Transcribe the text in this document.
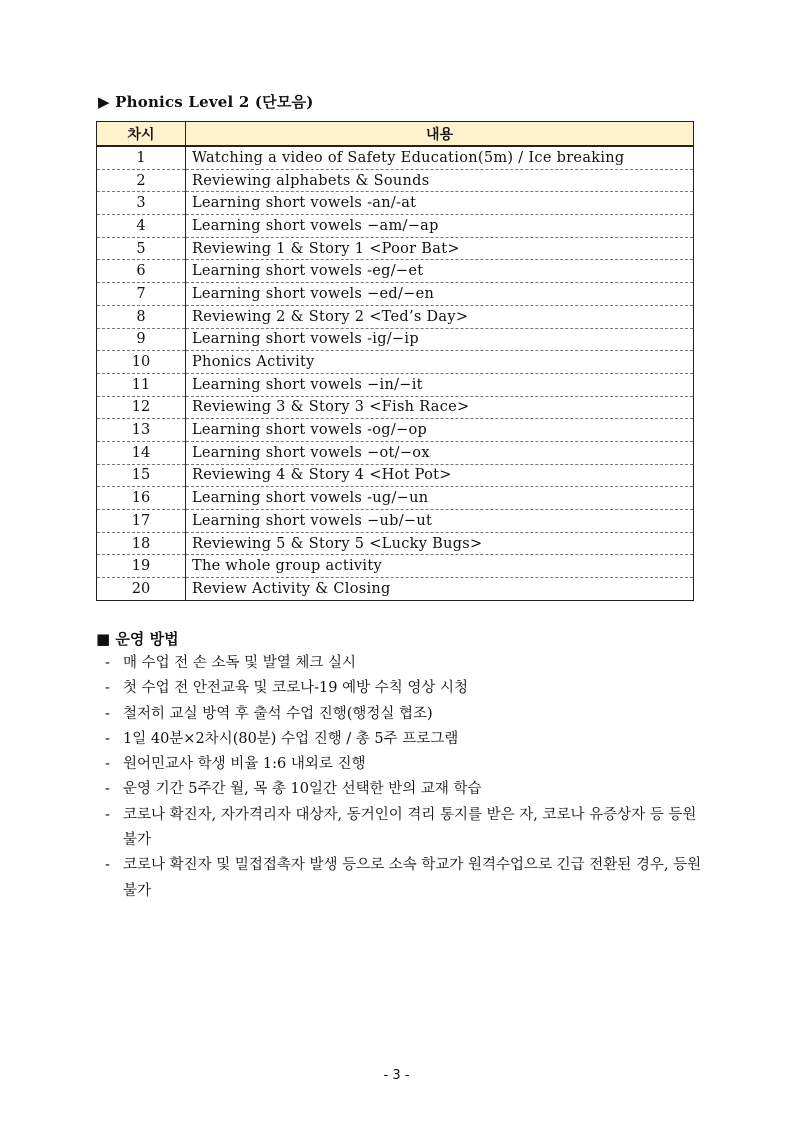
▶ Phonics Level 2 (단모음)
차시	내용
1	Watching a video of Safety Education(5m) / Ice breaking
2	Reviewing alphabets & Sounds
3	Learning short vowels -an/-at
4	Learning short vowels −am/−ap
5	Reviewing 1 & Story 1 <Poor Bat>
6	Learning short vowels -eg/−et
7	Learning short vowels −ed/−en
8	Reviewing 2 & Story 2 <Ted’s Day>
9	Learning short vowels -ig/−ip
10	Phonics Activity
11	Learning short vowels −in/−it
12	Reviewing 3 & Story 3 <Fish Race>
13	Learning short vowels -og/−op
14	Learning short vowels −ot/−ox
15	Reviewing 4 & Story 4 <Hot Pot>
16	Learning short vowels -ug/−un
17	Learning short vowels −ub/−ut
18	Reviewing 5 & Story 5 <Lucky Bugs>
19	The whole group activity
20	Review Activity & Closing
■ 운영 방법
- 매 수업 전 손 소독 및 발열 체크 실시
- 첫 수업 전 안전교육 및 코로나-19 예방 수칙 영상 시청
- 철저히 교실 방역 후 출석 수업 진행(행정실 협조)
- 1일 40분×2차시(80분) 수업 진행 / 총 5주 프로그램
- 원어민교사 학생 비율 1:6 내외로 진행
- 운영 기간 5주간 월, 목 총 10일간 선택한 반의 교재 학습
- 코로나 확진자, 자가격리자 대상자, 동거인이 격리 통지를 받은 자, 코로나 유증상자 등 등원 불가
- 코로나 확진자 및 밀접접촉자 발생 등으로 소속 학교가 원격수업으로 긴급 전환된 경우, 등원 불가
- 3 -
